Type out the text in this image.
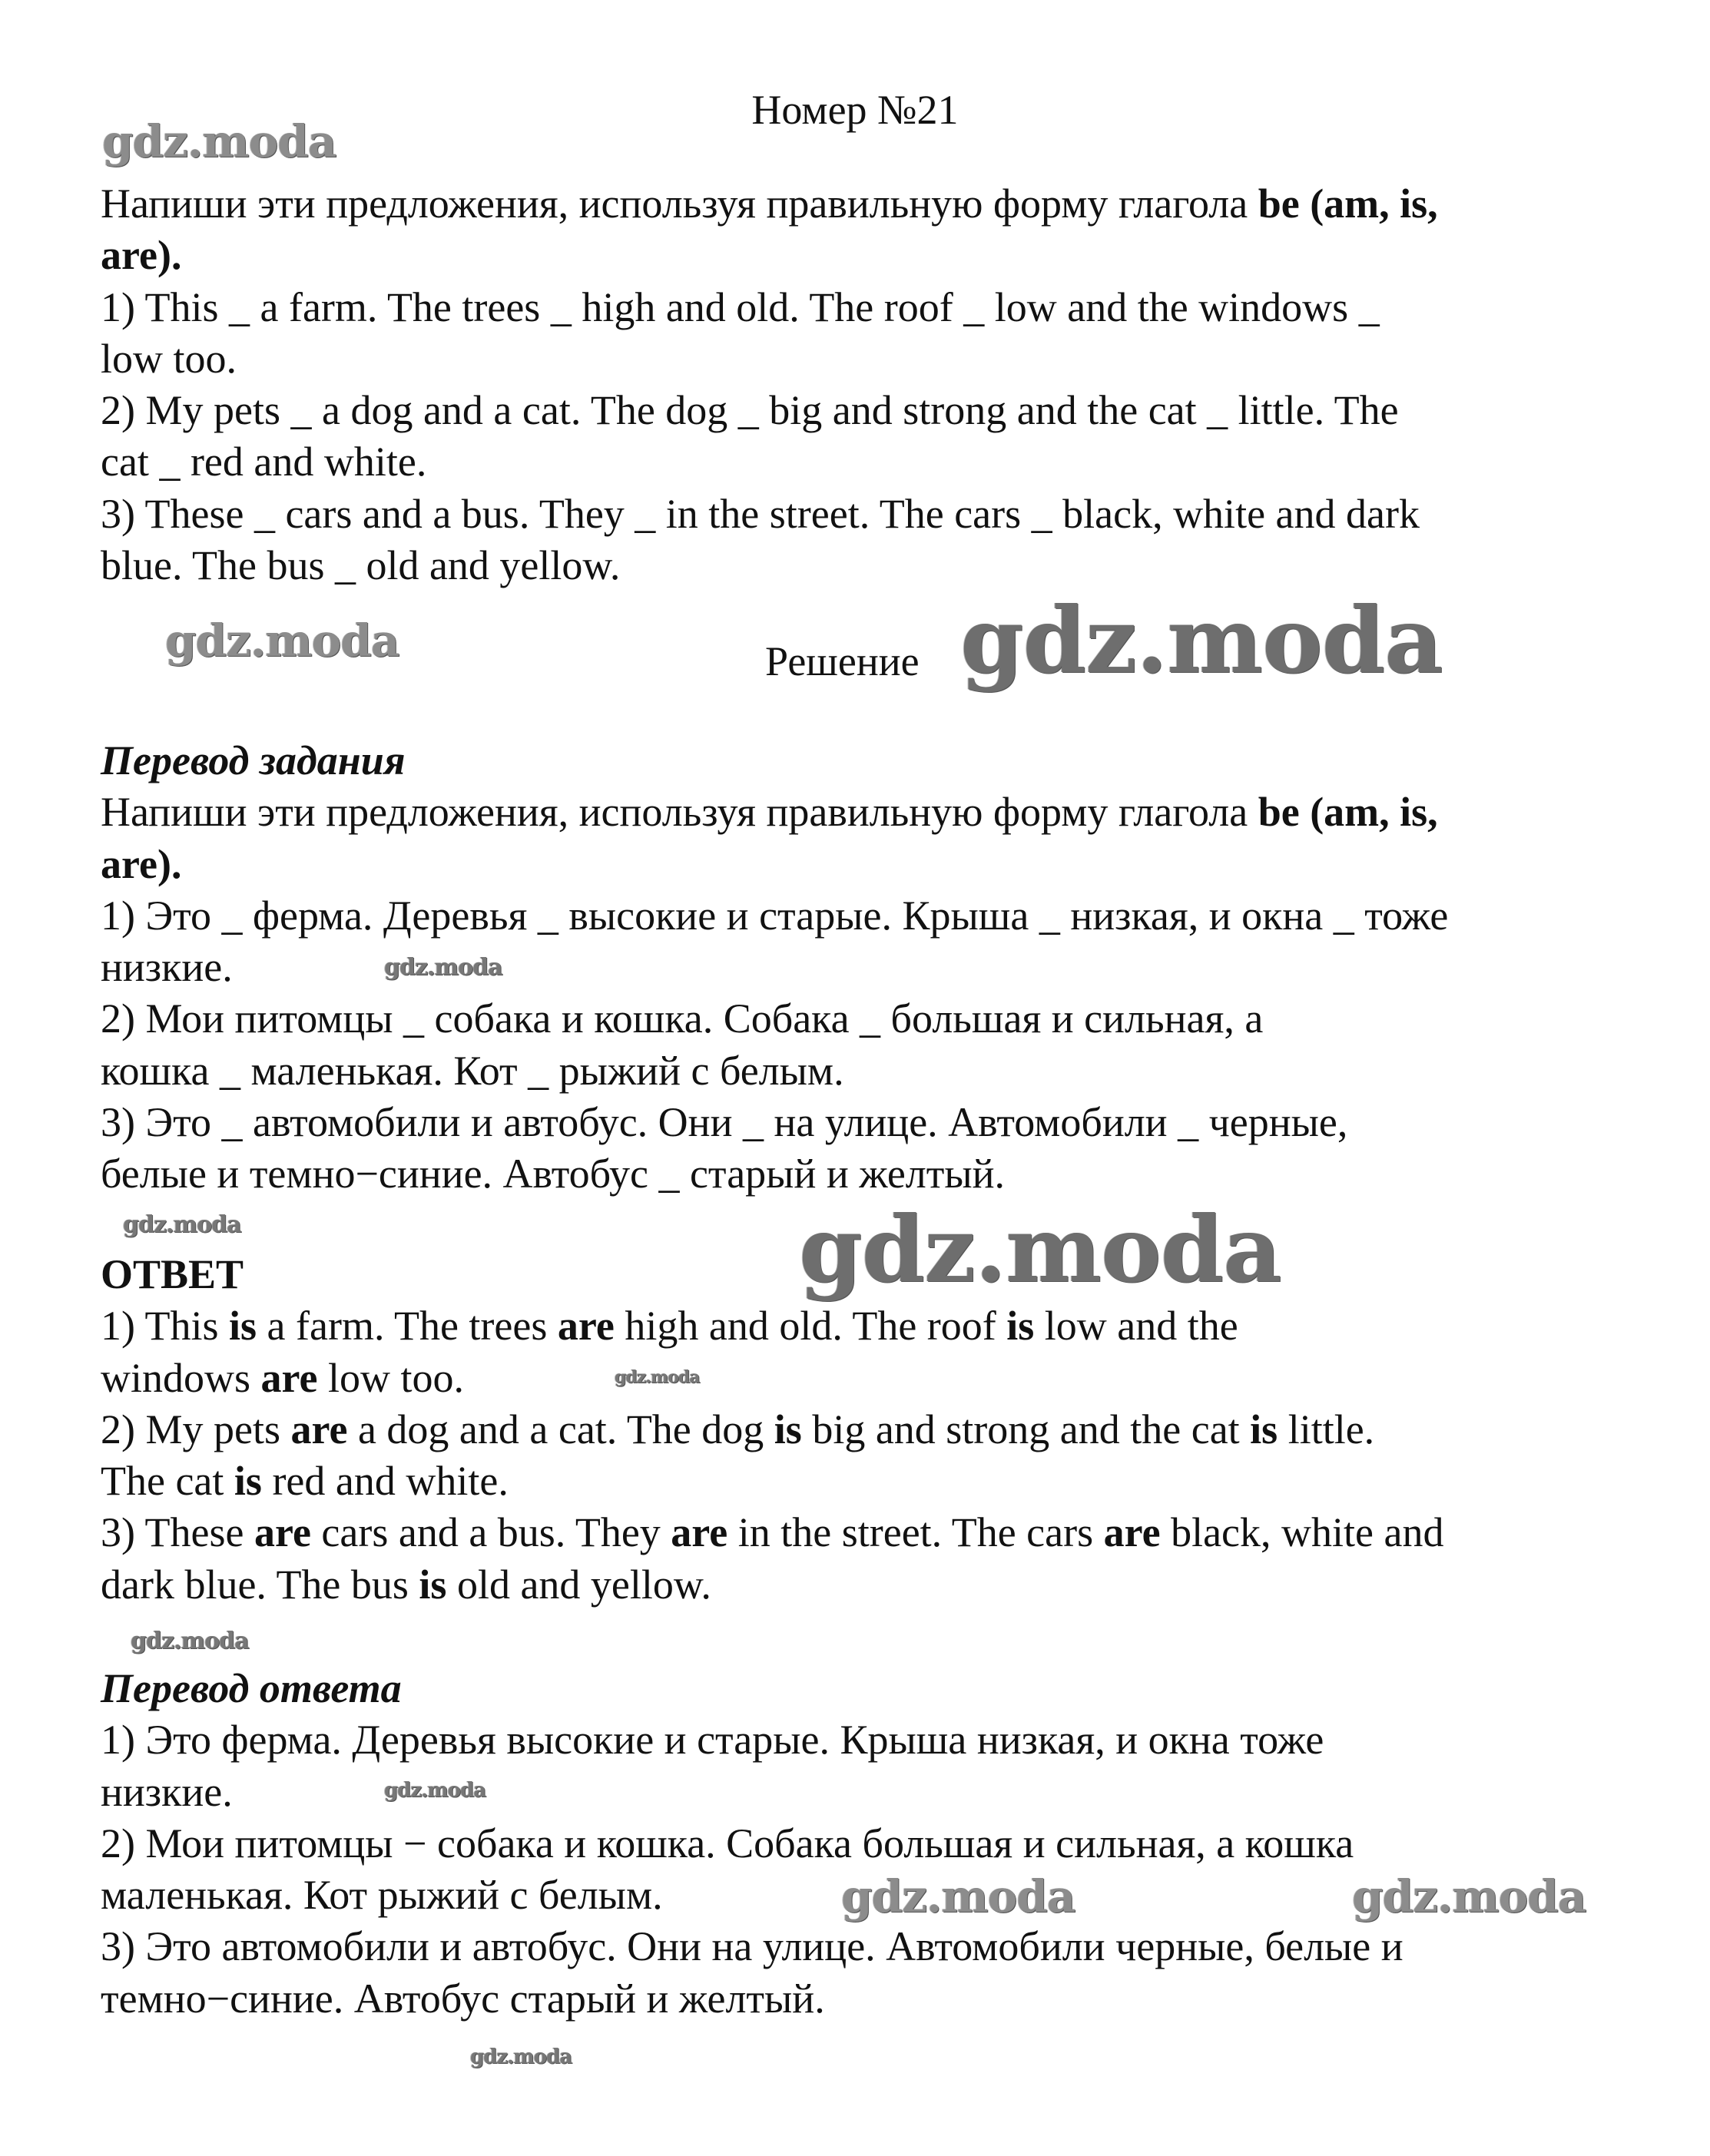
Номер №21
Напиши эти предложения, используя правильную форму глагола be (am, is,
are).
1) This _ a farm. The trees _ high and old. The roof _ low and the windows _
low too.
2) My pets _ a dog and a cat. The dog _ big and strong and the cat _ little. The
cat _ red and white.
3) These _ cars and a bus. They _ in the street. The cars _ black, white and dark
blue. The bus _ old and yellow.
Решение
Перевод задания
Напиши эти предложения, используя правильную форму глагола be (am, is,
are).
1) Это _ ферма. Деревья _ высокие и старые. Крыша _ низкая, и окна _ тоже
низкие.
2) Мои питомцы _ собака и кошка. Собака _ большая и сильная, а
кошка _ маленькая. Кот _ рыжий с белым.
3) Это _ автомобили и автобус. Они _ на улице. Автомобили _ черные,
белые и темно−синие. Автобус _ старый и желтый.
ОТВЕТ
1) This is a farm. The trees are high and old. The roof is low and the
windows are low too.
2) My pets are a dog and a cat. The dog is big and strong and the cat is little.
The cat is red and white.
3) These are cars and a bus. They are in the street. The cars are black, white and
dark blue. The bus is old and yellow.
Перевод ответа
1) Это ферма. Деревья высокие и старые. Крыша низкая, и окна тоже
низкие.
2) Мои питомцы − собака и кошка. Собака большая и сильная, а кошка
маленькая. Кот рыжий с белым.
3) Это автомобили и автобус. Они на улице. Автомобили черные, белые и
темно−синие. Автобус старый и желтый.
gdz.moda
gdz.moda	gdz.moda
gdz.moda
gdz.moda	gdz.moda
gdz.moda
gdz.moda
gdz.moda
gdz.moda	gdz.moda
gdz.moda
